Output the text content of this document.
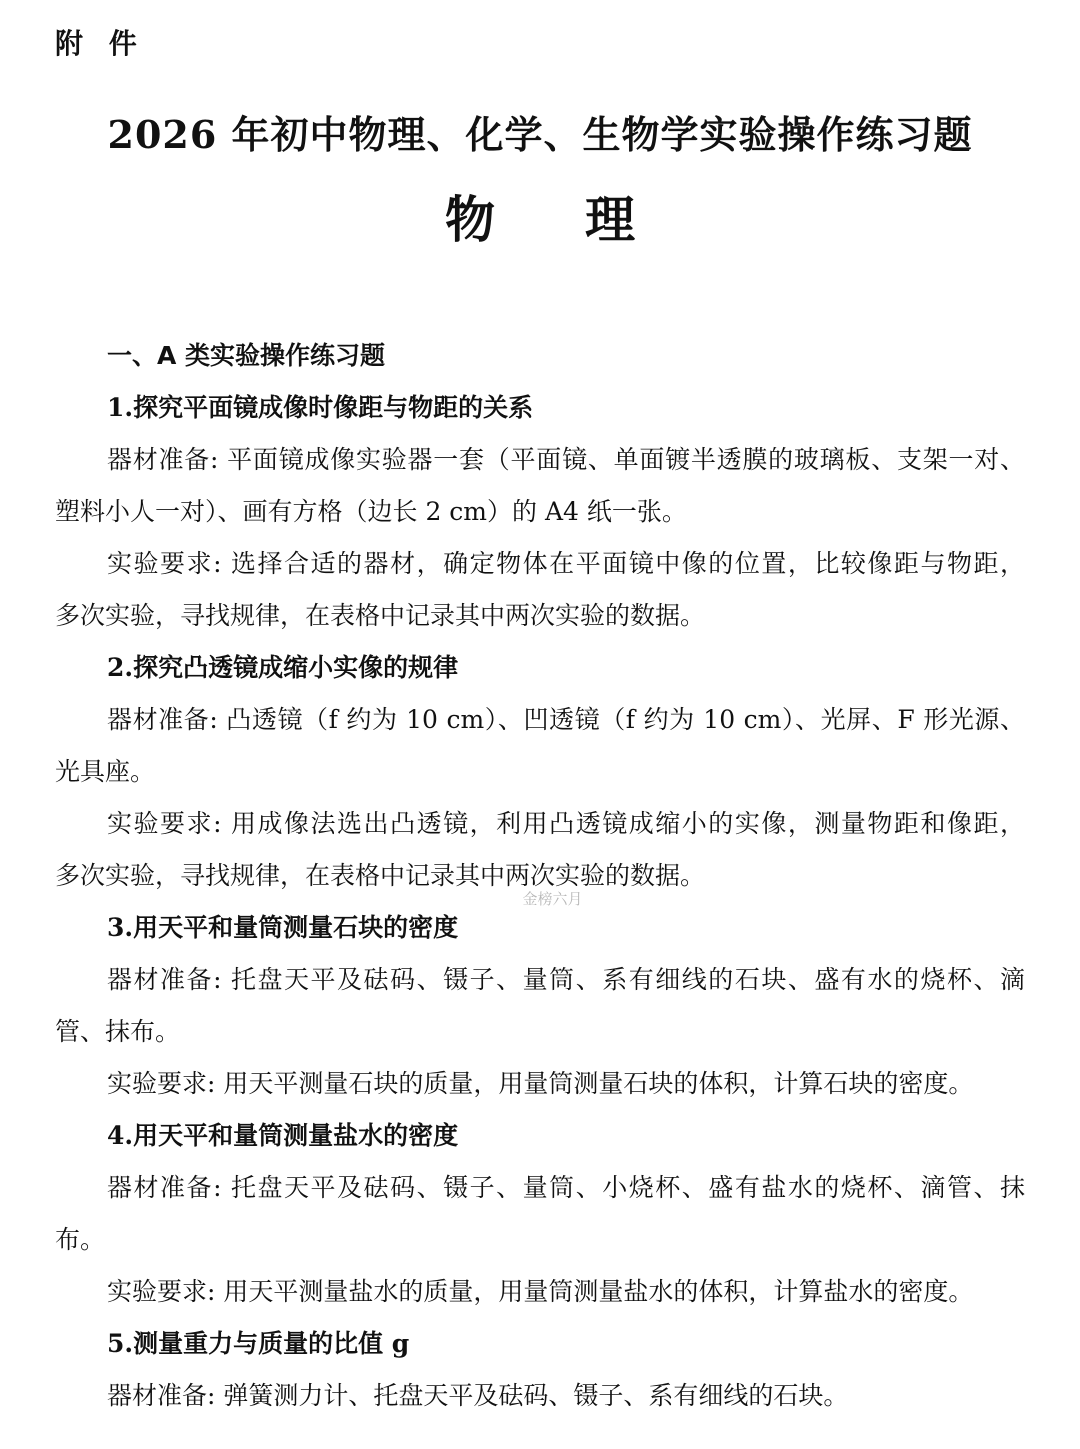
附 件
2026 年初中物理、化学、生物学实验操作练习题
物理
一、A 类实验操作练习题
1.探究平面镜成像时像距与物距的关系
器材准备: 平面镜成像实验器一套（平面镜、单面镀半透膜的玻璃板、支架一对、
塑料小人一对）、画有方格（边长 2 cm）的 A4 纸一张。
实验要求: 选择合适的器材，确定物体在平面镜中像的位置，比较像距与物距，
多次实验，寻找规律，在表格中记录其中两次实验的数据。
2.探究凸透镜成缩小实像的规律
器材准备: 凸透镜（f 约为 10 cm）、凹透镜（f 约为 10 cm）、光屏、F 形光源、
光具座。
实验要求: 用成像法选出凸透镜，利用凸透镜成缩小的实像，测量物距和像距，
多次实验，寻找规律，在表格中记录其中两次实验的数据。
3.用天平和量筒测量石块的密度
器材准备: 托盘天平及砝码、镊子、量筒、系有细线的石块、盛有水的烧杯、滴
管、抹布。
实验要求: 用天平测量石块的质量，用量筒测量石块的体积，计算石块的密度。
4.用天平和量筒测量盐水的密度
器材准备: 托盘天平及砝码、镊子、量筒、小烧杯、盛有盐水的烧杯、滴管、抹
布。
实验要求: 用天平测量盐水的质量，用量筒测量盐水的体积，计算盐水的密度。
5.测量重力与质量的比值 g
器材准备: 弹簧测力计、托盘天平及砝码、镊子、系有细线的石块。
金榜六月
